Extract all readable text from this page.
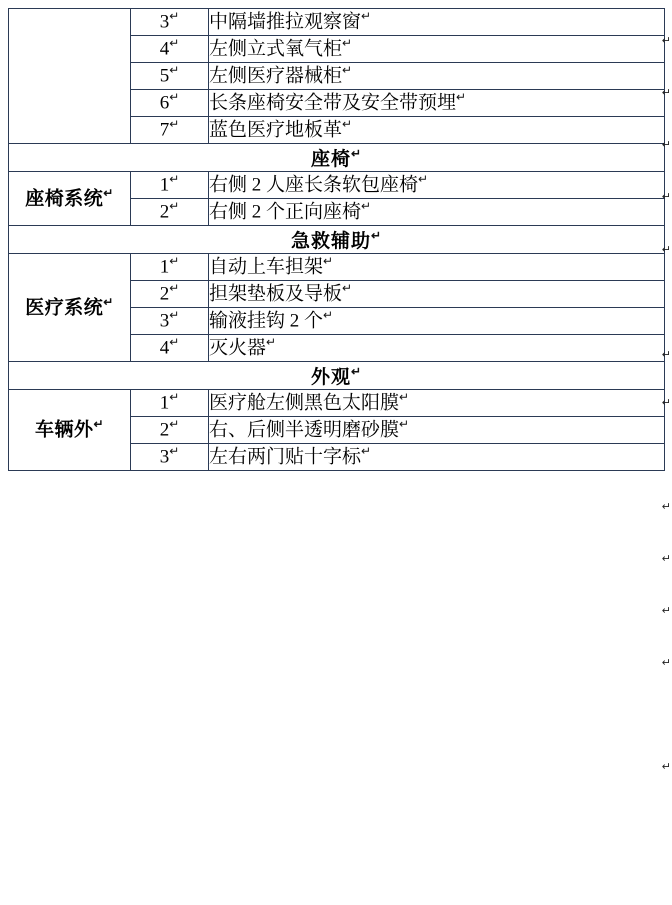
	3↵	中隔墙推拉观察窗↵
	4↵	左侧立式氧气柜↵
	5↵	左侧医疗器械柜↵
	6↵	长条座椅安全带及安全带预埋↵
	7↵	蓝色医疗地板革↵
座椅↵
座椅系统↵	1↵	右侧 2 人座长条软包座椅↵
	2↵	右侧 2 个正向座椅↵
急救辅助↵
医疗系统↵	1↵	自动上车担架↵
	2↵	担架垫板及导板↵
	3↵	输液挂钩 2 个↵
	4↵	灭火器↵
外观↵
车辆外↵	1↵	医疗舱左侧黑色太阳膜↵
	2↵	右、后侧半透明磨砂膜↵
	3↵	左右两门贴十字标↵
↵
↵
↵
↵
↵
↵
↵
↵
↵
↵
↵
↵
